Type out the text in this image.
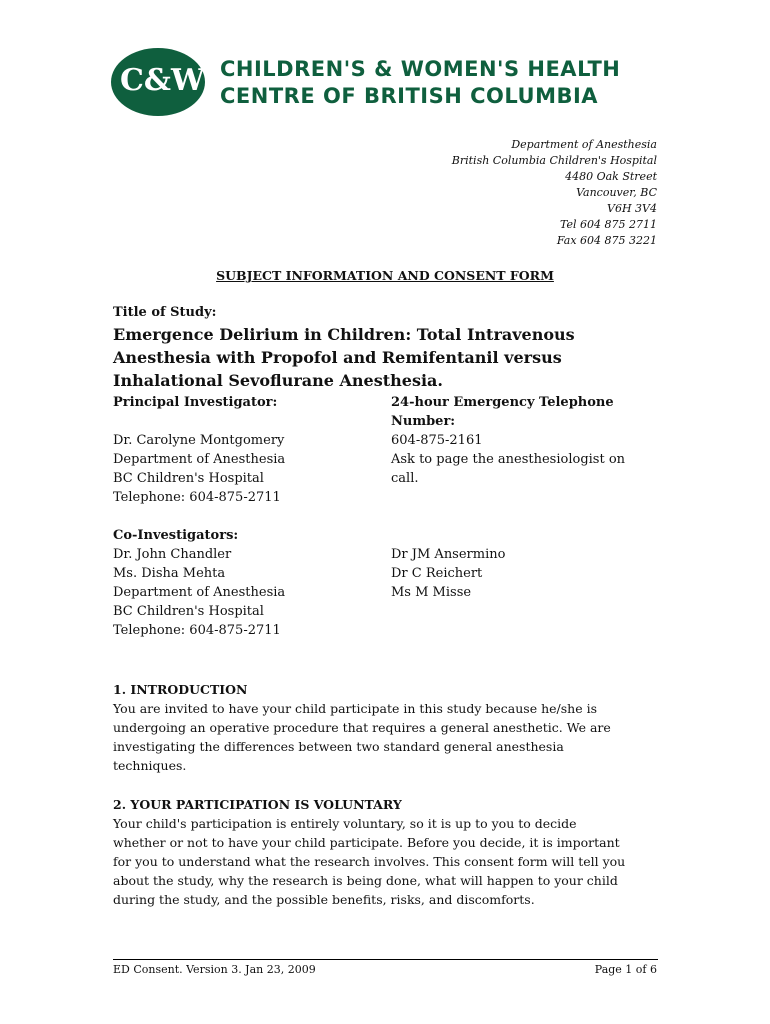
C&W CHILDREN'S & WOMEN'S HEALTH
CENTRE OF BRITISH COLUMBIA
Department of Anesthesia
British Columbia Children's Hospital
4480 Oak Street
Vancouver, BC
V6H 3V4
Tel 604 875 2711
Fax 604 875 3221
SUBJECT INFORMATION AND CONSENT FORM
Title of Study:
Emergence Delirium in Children: Total Intravenous Anesthesia with Propofol and Remifentanil versus Inhalational Sevoflurane Anesthesia.
Principal Investigator:
Dr. Carolyne Montgomery
Department of Anesthesia
BC Children's Hospital
Telephone: 604-875-2711
24-hour Emergency Telephone
Number:
604-875-2161
Ask to page the anesthesiologist on
call.
Co-Investigators:
Dr. John Chandler
Ms. Disha Mehta
Department of Anesthesia
BC Children's Hospital
Telephone: 604-875-2711
Dr JM Ansermino
Dr C Reichert
Ms M Misse
1. INTRODUCTION
You are invited to have your child participate in this study because he/she is
undergoing an operative procedure that requires a general anesthetic. We are
investigating the differences between two standard general anesthesia
techniques.
2. YOUR PARTICIPATION IS VOLUNTARY
Your child's participation is entirely voluntary, so it is up to you to decide
whether or not to have your child participate. Before you decide, it is important
for you to understand what the research involves. This consent form will tell you
about the study, why the research is being done, what will happen to your child
during the study, and the possible benefits, risks, and discomforts.
ED Consent. Version 3. Jan 23, 2009	Page 1 of 6
